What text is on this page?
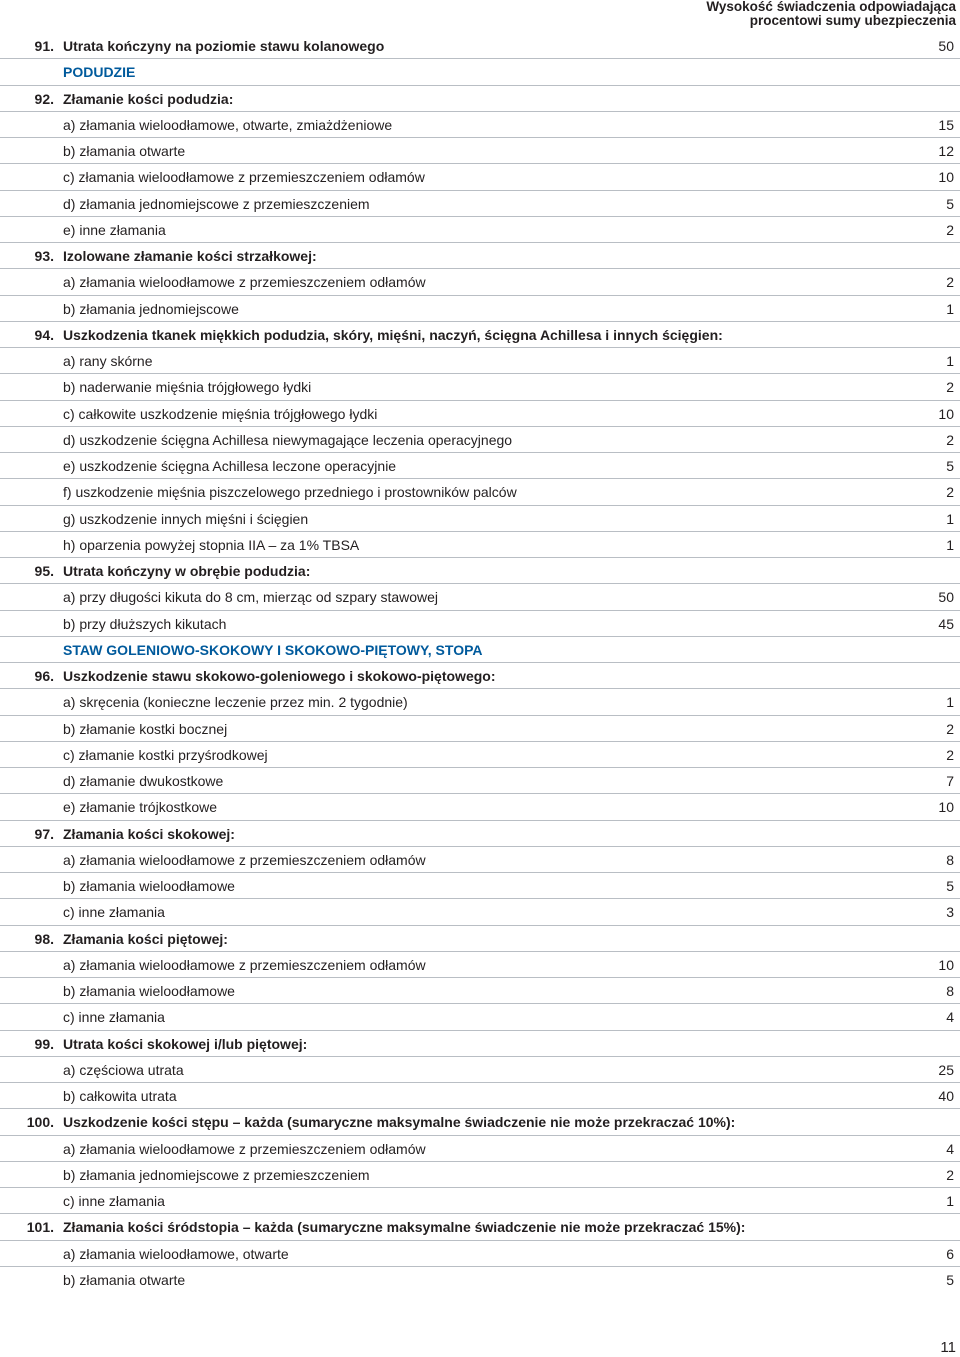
Wysokość świadczenia odpowiadająca
procentowi sumy ubezpieczenia
91. Utrata kończyny na poziomie stawu kolanowego	50
PODUDZIE
92. Złamanie kości podudzia:
a) złamania wieloodłamowe, otwarte, zmiażdżeniowe	15
b) złamania otwarte	12
c) złamania wieloodłamowe z przemieszczeniem odłamów	10
d) złamania jednomiejscowe z przemieszczeniem	5
e) inne złamania	2
93. Izolowane złamanie kości strzałkowej:
a) złamania wieloodłamowe z przemieszczeniem odłamów	2
b) złamania jednomiejscowe	1
94. Uszkodzenia tkanek miękkich podudzia, skóry, mięśni, naczyń, ścięgna Achillesa i innych ścięgien:
a) rany skórne	1
b) naderwanie mięśnia trójgłowego łydki	2
c) całkowite uszkodzenie mięśnia trójgłowego łydki	10
d) uszkodzenie ścięgna Achillesa niewymagające leczenia operacyjnego	2
e) uszkodzenie ścięgna Achillesa leczone operacyjnie	5
f) uszkodzenie mięśnia piszczelowego przedniego i prostowników palców	2
g) uszkodzenie innych mięśni i ścięgien	1
h) oparzenia powyżej stopnia IIA – za 1% TBSA	1
95. Utrata kończyny w obrębie podudzia:
a) przy długości kikuta do 8 cm, mierząc od szpary stawowej	50
b) przy dłuższych kikutach	45
STAW GOLENIOWO-SKOKOWY I SKOKOWO-PIĘTOWY, STOPA
96. Uszkodzenie stawu skokowo-goleniowego i skokowo-piętowego:
a) skręcenia (konieczne leczenie przez min. 2 tygodnie)	1
b) złamanie kostki bocznej	2
c) złamanie kostki przyśrodkowej	2
d) złamanie dwukostkowe	7
e) złamanie trójkostkowe	10
97. Złamania kości skokowej:
a) złamania wieloodłamowe z przemieszczeniem odłamów	8
b) złamania wieloodłamowe	5
c) inne złamania	3
98. Złamania kości piętowej:
a) złamania wieloodłamowe z przemieszczeniem odłamów	10
b) złamania wieloodłamowe	8
c) inne złamania	4
99. Utrata kości skokowej i/lub piętowej:
a) częściowa utrata	25
b) całkowita utrata	40
100. Uszkodzenie kości stępu – każda (sumaryczne maksymalne świadczenie nie może przekraczać 10%):
a) złamania wieloodłamowe z przemieszczeniem odłamów	4
b) złamania jednomiejscowe z przemieszczeniem	2
c) inne złamania	1
101. Złamania kości śródstopia – każda (sumaryczne maksymalne świadczenie nie może przekraczać 15%):
a) złamania wieloodłamowe, otwarte	6
b) złamania otwarte	5
11
